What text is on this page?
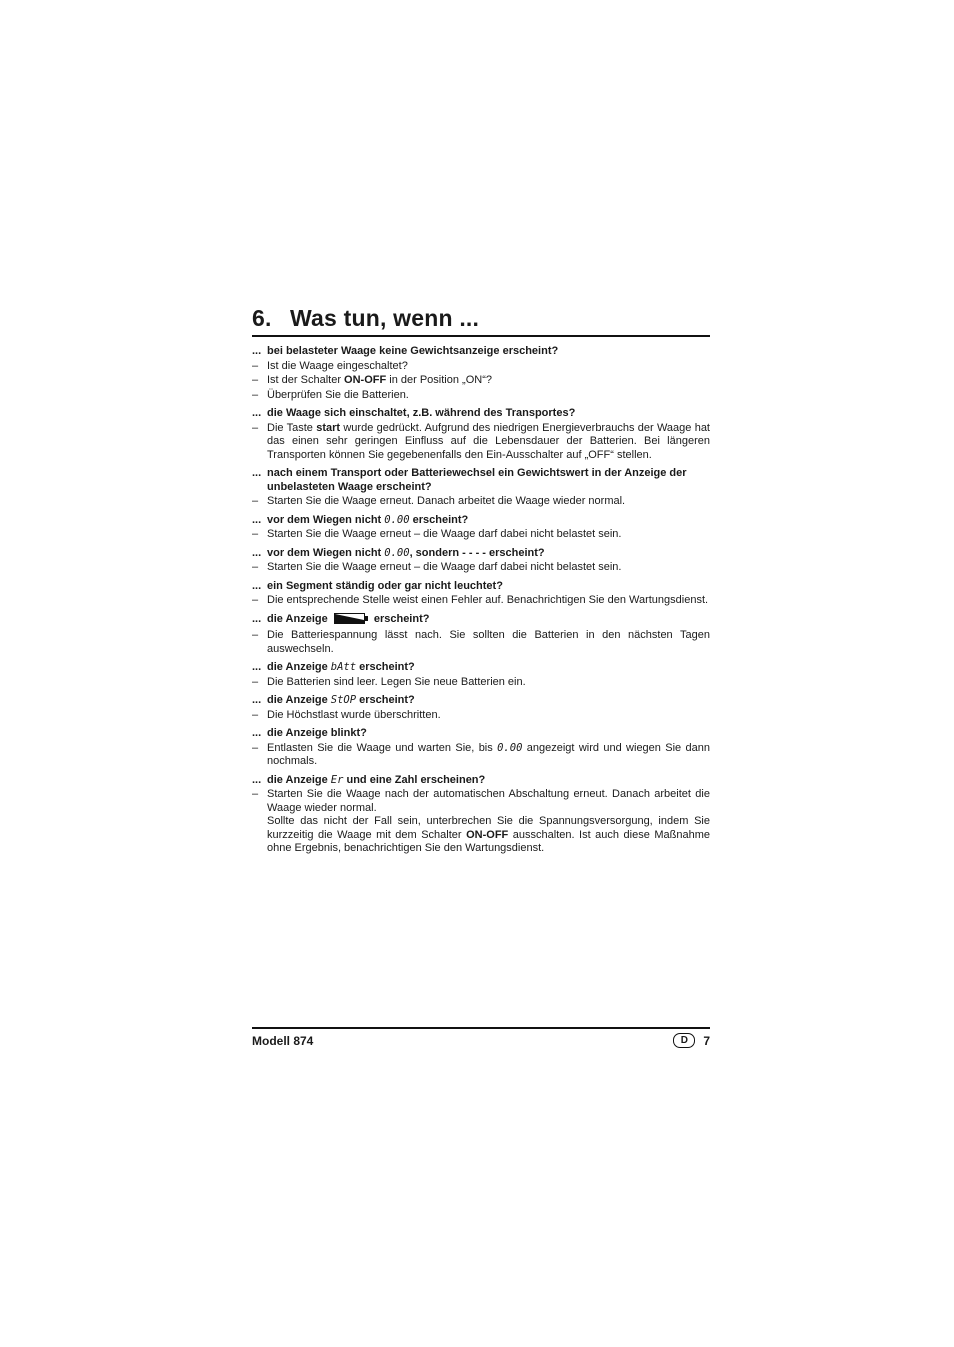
6. Was tun, wenn ...
... bei belasteter Waage keine Gewichtsanzeige erscheint?
– Ist die Waage eingeschaltet?
– Ist der Schalter ON-OFF in der Position „ON“?
– Überprüfen Sie die Batterien.
... die Waage sich einschaltet, z.B. während des Transportes?
– Die Taste start wurde gedrückt. Aufgrund des niedrigen Energieverbrauchs der Waage hat das einen sehr geringen Einfluss auf die Lebensdauer der Batterien. Bei längeren Transporten können Sie gegebenenfalls den Ein-Ausschalter auf „OFF“ stellen.
... nach einem Transport oder Batteriewechsel ein Gewichtswert in der Anzeige der unbelasteten Waage erscheint?
– Starten Sie die Waage erneut. Danach arbeitet die Waage wieder normal.
... vor dem Wiegen nicht 0.00 erscheint?
– Starten Sie die Waage erneut – die Waage darf dabei nicht belastet sein.
... vor dem Wiegen nicht 0.00, sondern - - - - erscheint?
– Starten Sie die Waage erneut – die Waage darf dabei nicht belastet sein.
... ein Segment ständig oder gar nicht leuchtet?
– Die entsprechende Stelle weist einen Fehler auf. Benachrichtigen Sie den Wartungsdienst.
... die Anzeige	erscheint?
– Die Batteriespannung lässt nach. Sie sollten die Batterien in den nächsten Tagen auswechseln.
... die Anzeige bAtt erscheint?
– Die Batterien sind leer. Legen Sie neue Batterien ein.
... die Anzeige StOP erscheint?
– Die Höchstlast wurde überschritten.
... die Anzeige blinkt?
– Entlasten Sie die Waage und warten Sie, bis 0.00 angezeigt wird und wiegen Sie dann nochmals.
... die Anzeige Er und eine Zahl erscheinen?
– Starten Sie die Waage nach der automatischen Abschaltung erneut. Danach arbeitet die Waage wieder normal.
Sollte das nicht der Fall sein, unterbrechen Sie die Spannungsversorgung, indem Sie kurzzeitig die Waage mit dem Schalter ON-OFF ausschalten. Ist auch diese Maßnahme ohne Ergebnis, benachrichtigen Sie den Wartungsdienst.
Modell 874	D	7
